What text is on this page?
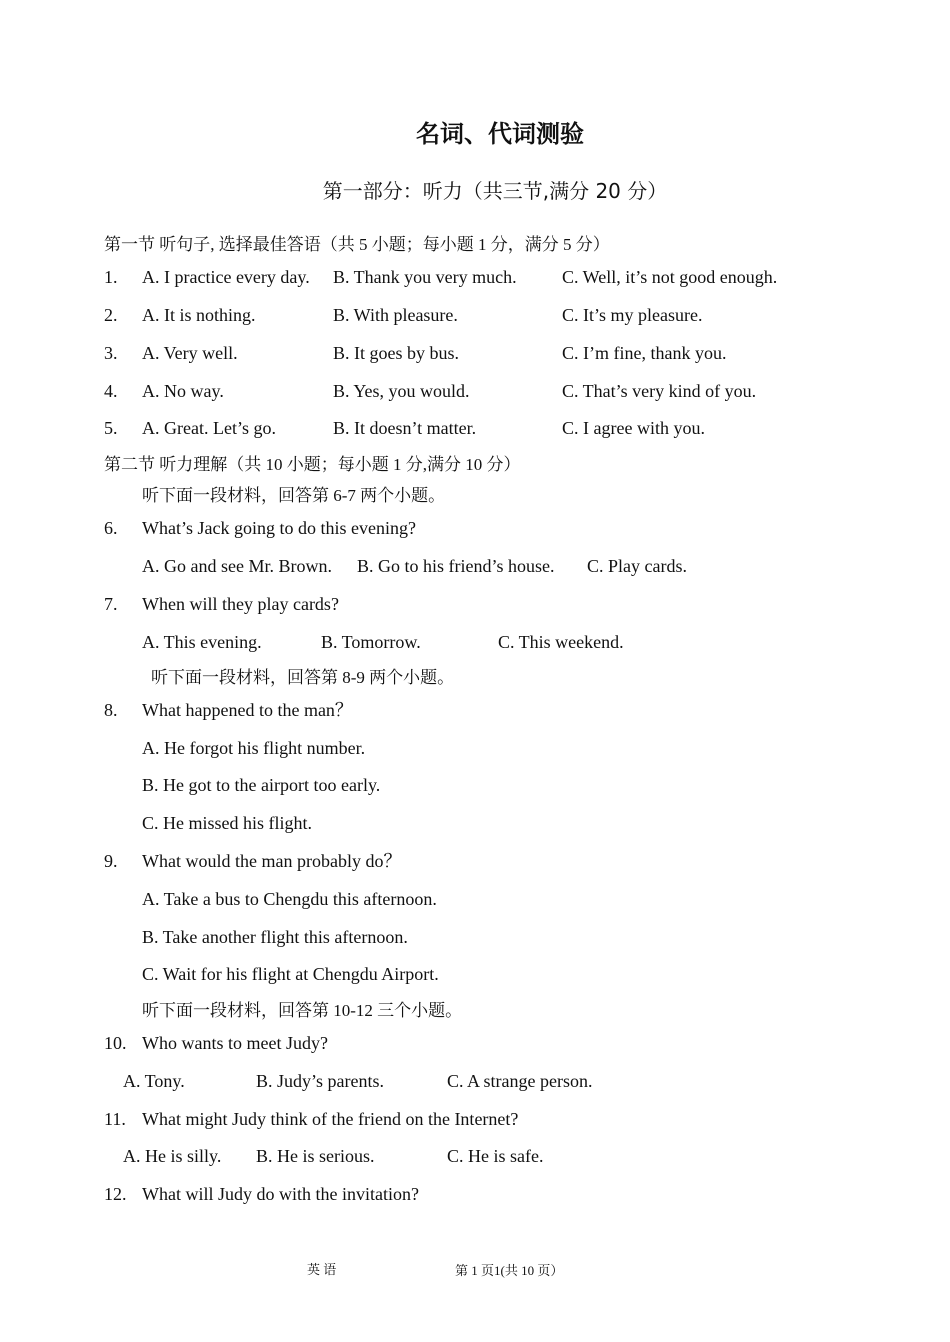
名词、代词测验
第一部分：听力（共三节,满分 20 分）
第一节 听句子, 选择最佳答语（共 5 小题；每小题 1 分，满分 5 分）
1. A. I practice every day. B. Thank you very much.	C. Well, it’s not good enough.
2. A. It is nothing.	B. With pleasure.	C. It’s my pleasure.
3. A. Very well.	B. It goes by bus.	C. I’m fine, thank you.
4. A. No way.	B. Yes, you would.	C. That’s very kind of you.
5. A. Great. Let’s go.	B. It doesn’t matter.	C. I agree with you.
第二节 听力理解（共 10 小题；每小题 1 分,满分 10 分）
听下面一段材料，回答第 6-7 两个小题。
6. What’s Jack going to do this evening?
A. Go and see Mr. Brown. B. Go to his friend’s house. C. Play cards.
7. When will they play cards?
A. This evening.	B. Tomorrow.	C. This weekend.
听下面一段材料，回答第 8-9 两个小题。
8. What happened to the man？
A. He forgot his flight number.
B. He got to the airport too early.
C. He missed his flight.
9. What would the man probably do？
A. Take a bus to Chengdu this afternoon.
B. Take another flight this afternoon.
C. Wait for his flight at Chengdu Airport.
听下面一段材料，回答第 10-12 三个小题。
10. Who wants to meet Judy?
A. Tony.	B. Judy’s parents.	C. A strange person.
11. What might Judy think of the friend on the Internet?
A. He is silly. B. He is serious.	C. He is safe.
12. What will Judy do with the invitation?
英 语	第 1 页1(共 10 页）
